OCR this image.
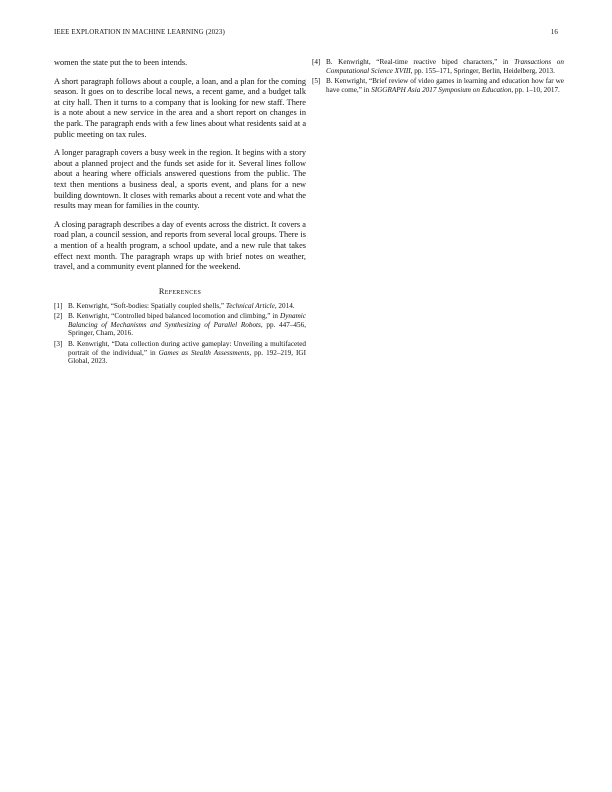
IEEE EXPLORATION IN MACHINE LEARNING (2023)	16

women the state put the to been intends.

A short paragraph follows about a couple, a loan, and a plan for the coming season. It goes on to describe local news, a recent game, and a budget talk at city hall. Then it turns to a company that is looking for new staff. There is a note about a new service in the area and a short report on changes in the park. The paragraph ends with a few lines about what residents said at a public meeting on tax rules.

A longer paragraph covers a busy week in the region. It begins with a story about a planned project and the funds set aside for it. Several lines follow about a hearing where officials answered questions from the public. The text then mentions a business deal, a sports event, and plans for a new building downtown. It closes with remarks about a recent vote and what the results may mean for families in the county.

A closing paragraph describes a day of events across the district. It covers a road plan, a council session, and reports from several local groups. There is a mention of a health program, a school update, and a new rule that takes effect next month. The paragraph wraps up with brief notes on weather, travel, and a community event planned for the weekend.

References
[1] B. Kenwright, “Soft-bodies: Spatially coupled shells,” Technical Article, 2014.
[2] B. Kenwright, “Controlled biped balanced locomotion and climbing,” in Dynamic Balancing of Mechanisms and Synthesizing of Parallel Robots, pp. 447–456, Springer, Cham, 2016.
[3] B. Kenwright, “Data collection during active gameplay: Unveiling a multifaceted portrait of the individual,” in Games as Stealth Assessments, pp. 192–219, IGI Global, 2023.
[4] B. Kenwright, “Real-time reactive biped characters,” in Transactions on Computational Science XVIII, pp. 155–171, Springer, Berlin, Heidelberg, 2013.
[5] B. Kenwright, “Brief review of video games in learning and education how far we have come,” in SIGGRAPH Asia 2017 Symposium on Education, pp. 1–10, 2017.
